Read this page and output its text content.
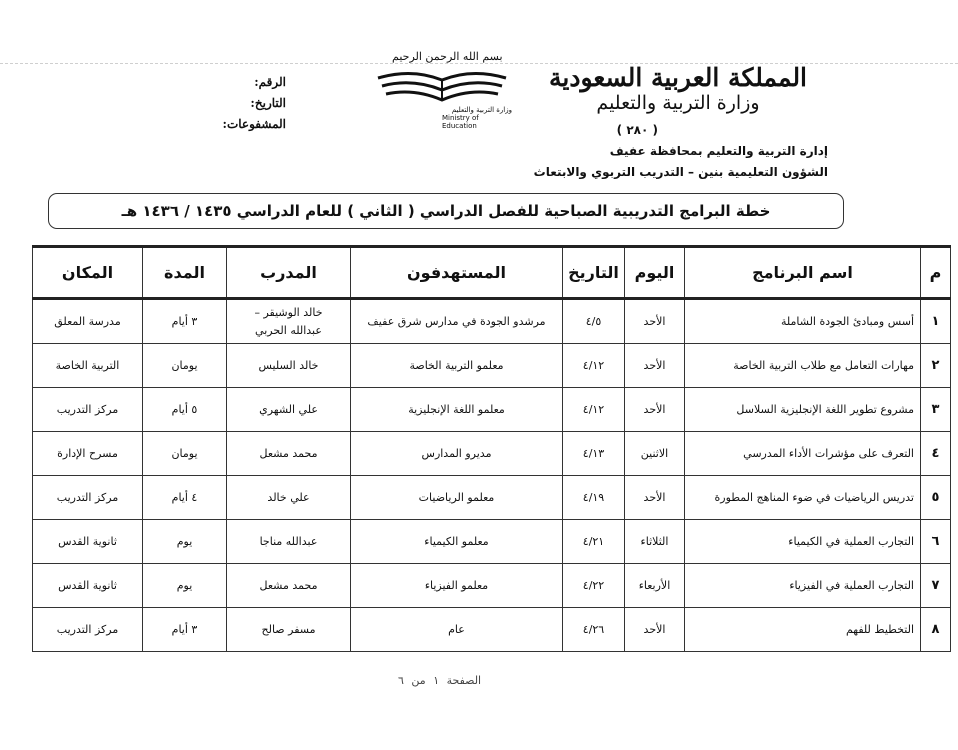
المملكة العربية السعودية
وزارة التربية والتعليم
( ٢٨٠ )
إدارة التربية والتعليم بمحافظة عفيف
الشؤون التعليمية بنين – التدريب التربوي والابتعاث
بسم الله الرحمن الرحيم
وزارة التربية والتعليم
Ministry of Education
الرقم:
التاريخ:
المشفوعات:
خطة البرامج التدريبية الصباحية للفصل الدراسي ( الثاني ) للعام الدراسي ١٤٣٥ / ١٤٣٦ هـ
م	اسم البرنامج	اليوم	التاريخ	المستهدفون	المدرب	المدة	المكان
١	أسس ومبادئ الجودة الشاملة	الأحد	٤/٥	مرشدو الجودة في مدارس شرق عفيف	خالد الوشيقر –
عبدالله الحربي	٣ أيام	مدرسة المعلق
٢	مهارات التعامل مع طلاب التربية الخاصة	الأحد	٤/١٢	معلمو التربية الخاصة	خالد السليس	يومان	التربية الخاصة
٣	مشروع تطوير اللغة الإنجليزية السلاسل	الأحد	٤/١٢	معلمو اللغة الإنجليزية	علي الشهري	٥ أيام	مركز التدريب
٤	التعرف على مؤشرات الأداء المدرسي	الاثنين	٤/١٣	مديرو المدارس	محمد مشعل	يومان	مسرح الإدارة
٥	تدريس الرياضيات في ضوء المناهج المطورة	الأحد	٤/١٩	معلمو الرياضيات	علي خالد	٤ أيام	مركز التدريب
٦	التجارب العملية في الكيمياء	الثلاثاء	٤/٢١	معلمو الكيمياء	عبدالله مناجا	يوم	ثانوية القدس
٧	التجارب العملية في الفيزياء	الأربعاء	٤/٢٢	معلمو الفيزياء	محمد مشعل	يوم	ثانوية القدس
٨	التخطيط للفهم	الأحد	٤/٢٦	عام	مسفر صالح	٣ أيام	مركز التدريب
الصفحة ١ من ٦
